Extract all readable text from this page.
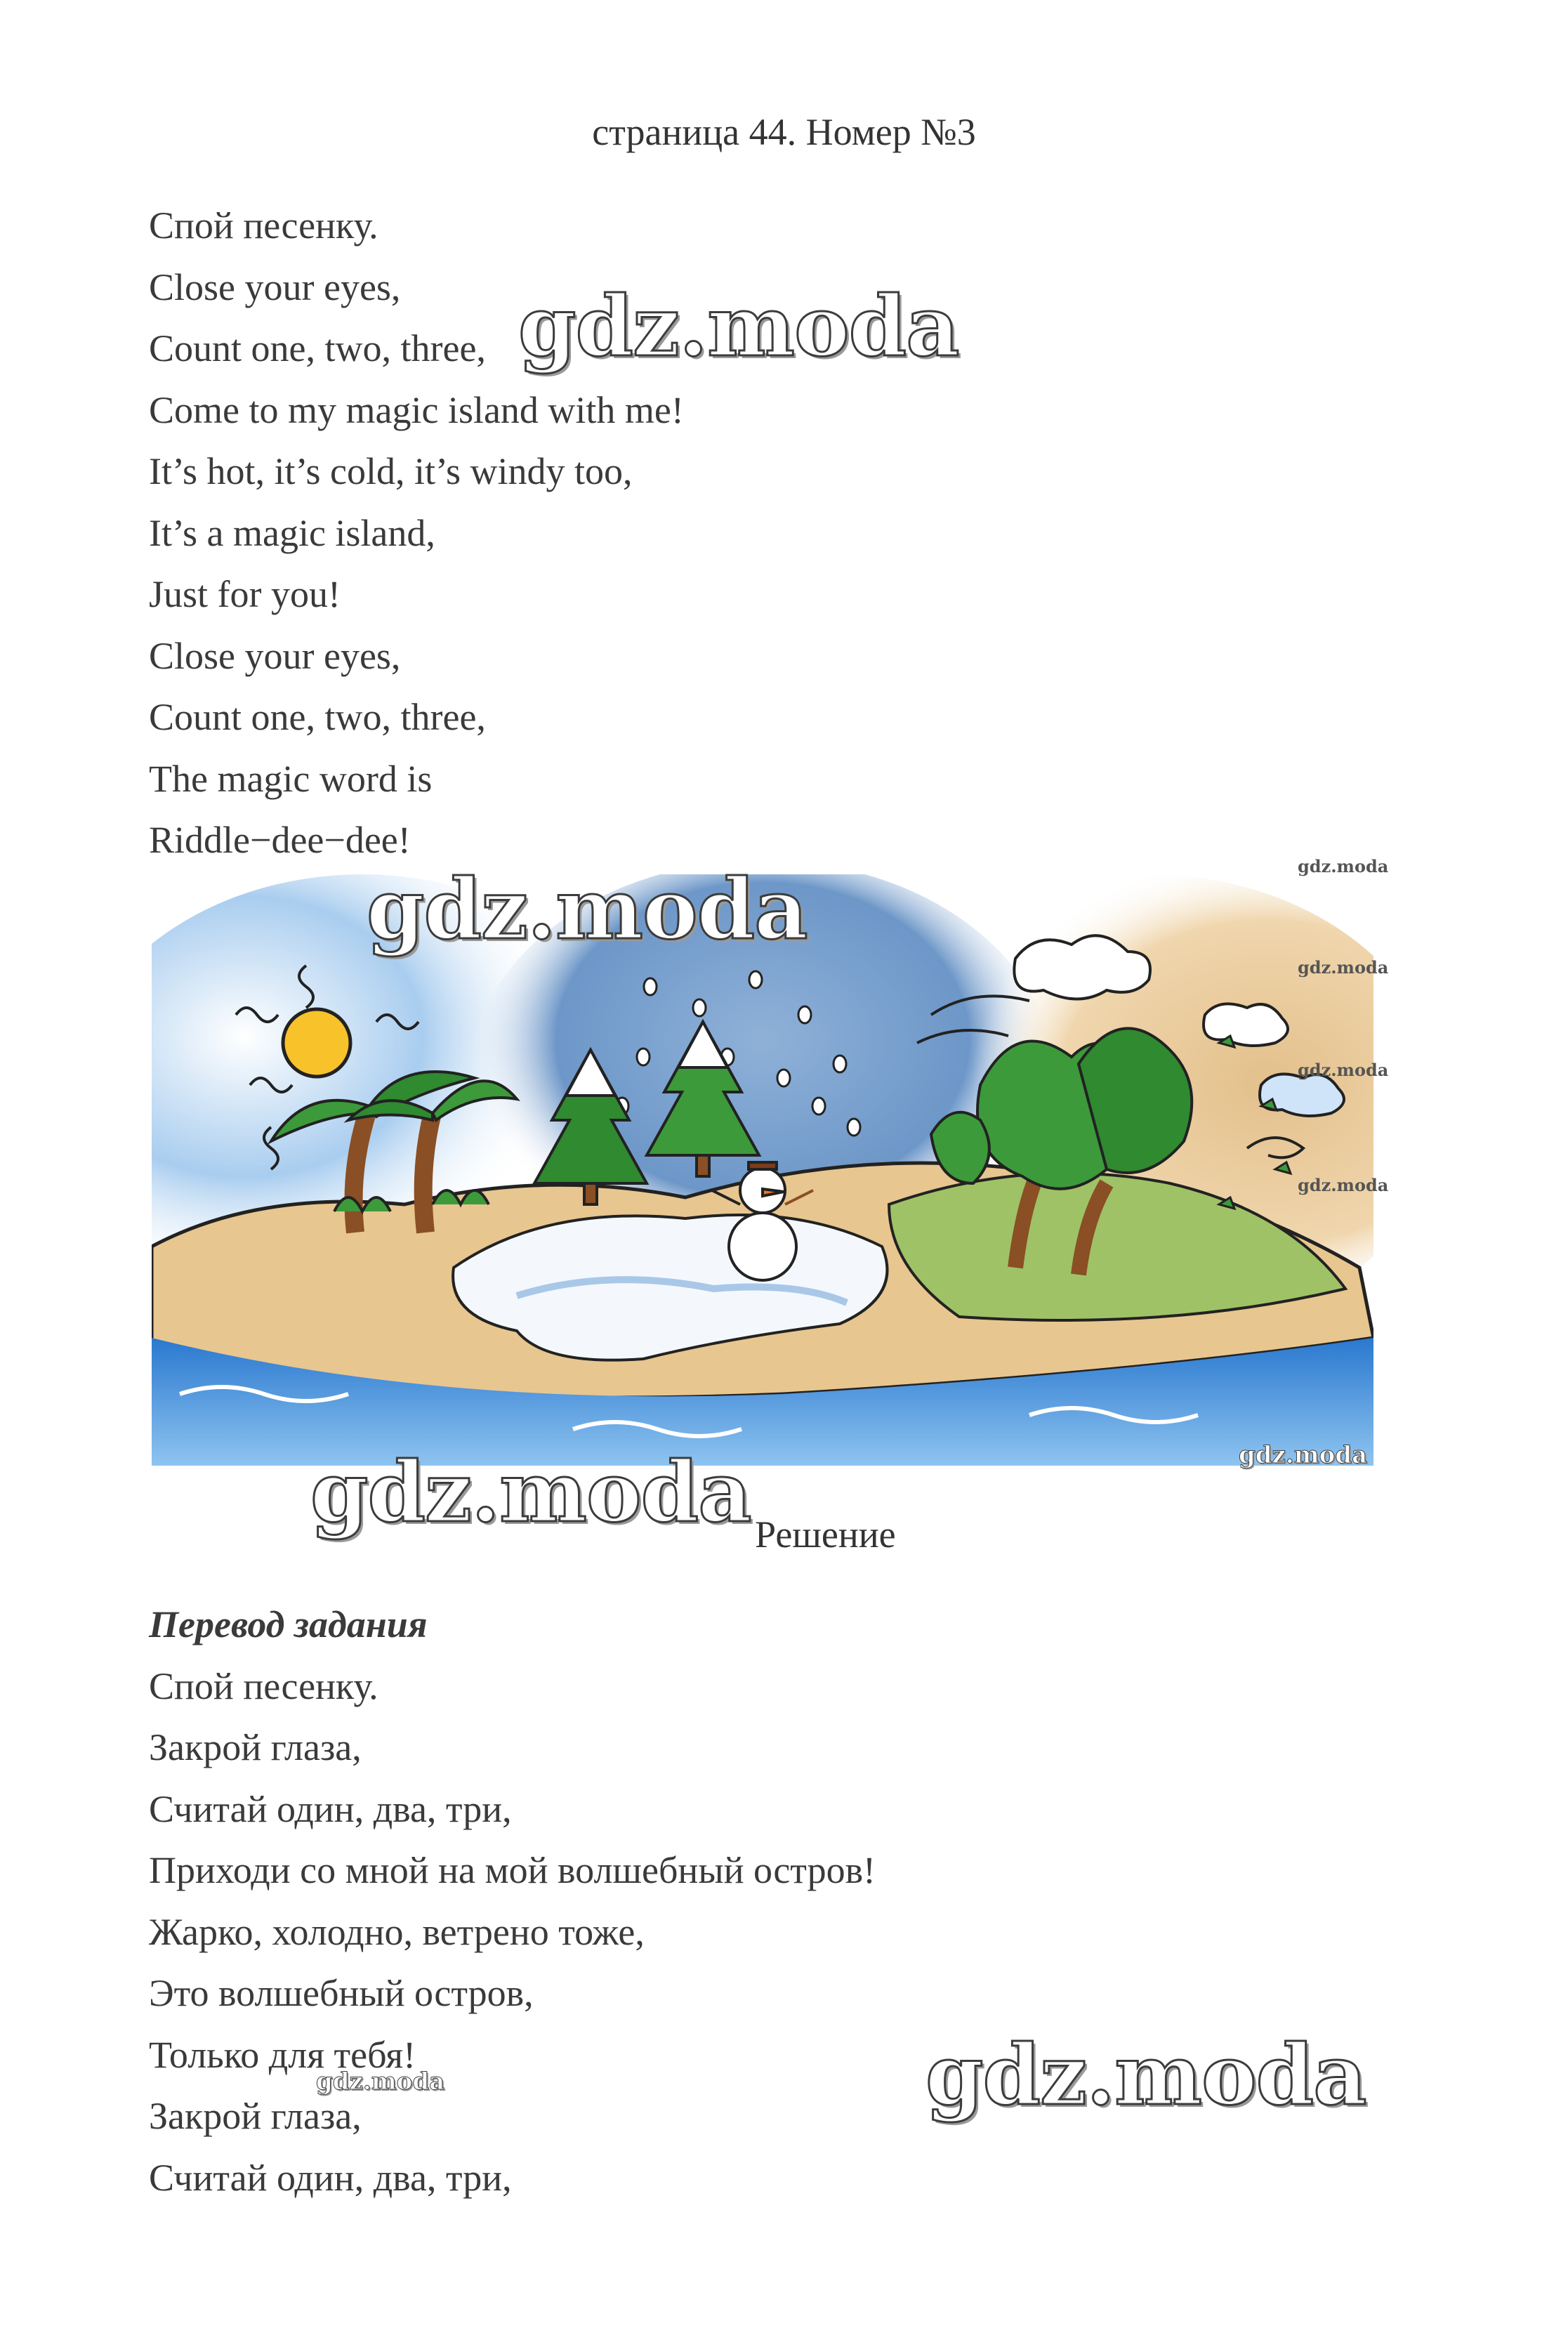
страница 44. Номер №3
Спой песенку.
Close your eyes,
Count one, two, three,
Come to my magic island with me!
It’s hot, it’s cold, it’s windy too,
It’s a magic island,
Just for you!
Close your eyes,
Count one, two, three,
The magic word is
Riddle−dee−dee!
Решение
Перевод задания
Спой песенку.
Закрой глаза,
Считай один, два, три,
Приходи со мной на мой волшебный остров!
Жарко, холодно, ветрено тоже,
Это волшебный остров,
Только для тебя!
Закрой глаза,
Считай один, два, три,
gdz.moda
gdz.moda
gdz.moda
gdz.moda
gdz.moda
gdz.moda
gdz.moda
gdz.moda
gdz.moda
gdz.moda
